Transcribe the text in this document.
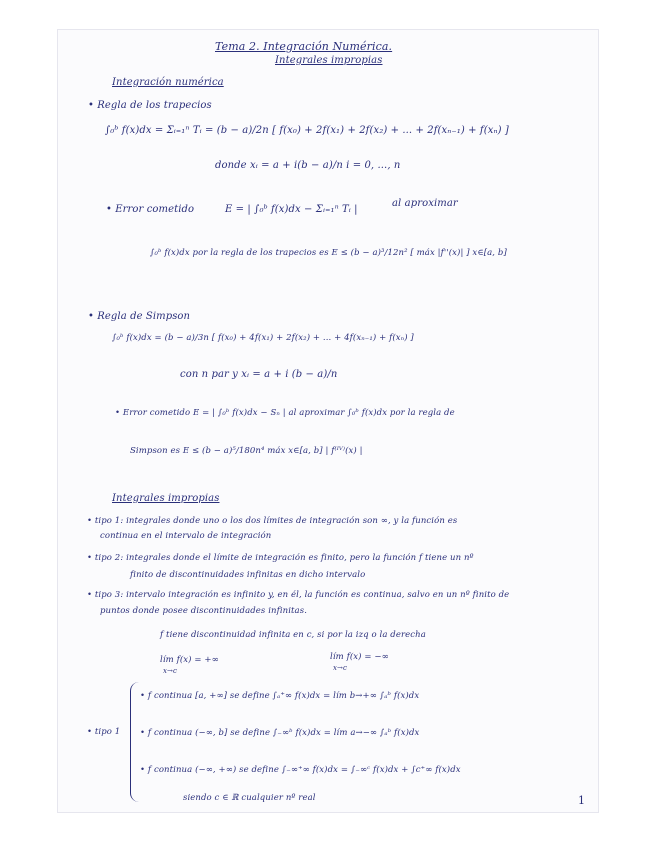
Tema 2. Integración Numérica.
Integrales impropias
Integración numérica
• Regla de los trapecios
∫₀ᵇ f(x)dx = Σᵢ₌₁ⁿ Tᵢ = (b − a)/2n [ f(x₀) + 2f(x₁) + 2f(x₂) + ... + 2f(xₙ₋₁) + f(xₙ) ]
donde xᵢ = a + i(b − a)/n i = 0, ..., n
• Error cometido	E = | ∫₀ᵇ f(x)dx − Σᵢ₌₁ⁿ Tᵢ |
al aproximar
∫₀ᵇ f(x)dx por la regla de los trapecios es E ≤ (b − a)³/12n² [ máx |f''(x)| ] x∈[a, b]
• Regla de Simpson
∫₀ᵇ f(x)dx = (b − a)/3n [ f(x₀) + 4f(x₁) + 2f(x₂) + ... + 4f(xₙ₋₁) + f(xₙ) ]
con n par y xᵢ = a + i (b − a)/n
• Error cometido E = | ∫₀ᵇ f(x)dx − Sₙ | al aproximar ∫₀ᵇ f(x)dx por la regla de
Simpson es E ≤ (b − a)⁵/180n⁴ máx x∈[a, b] | f⁽ᴵⱽ⁾(x) |
Integrales impropias
• tipo 1: integrales donde uno o los dos límites de integración son ∞, y la función es
continua en el intervalo de integración
• tipo 2: integrales donde el límite de integración es finito, pero la función f tiene un nº
finito de discontinuidades infinitas en dicho intervalo
• tipo 3: intervalo integración es infinito y, en él, la función es continua, salvo en un nº finito de
puntos donde posee discontinuidades infinitas.
f tiene discontinuidad infinita en c, si por la izq o la derecha
lím f(x) = +∞
x→c
lím f(x) = −∞
x→c
• tipo 1
• f continua [a, +∞] se define ∫ₐ⁺∞ f(x)dx = lím b→+∞ ∫ₐᵇ f(x)dx
• f continua (−∞, b] se define ∫₋∞ᵇ f(x)dx = lím a→−∞ ∫ₐᵇ f(x)dx
• f continua (−∞, +∞) se define ∫₋∞⁺∞ f(x)dx = ∫₋∞ᶜ f(x)dx + ∫c⁺∞ f(x)dx
siendo c ∈ ℝ cualquier nº real	1
